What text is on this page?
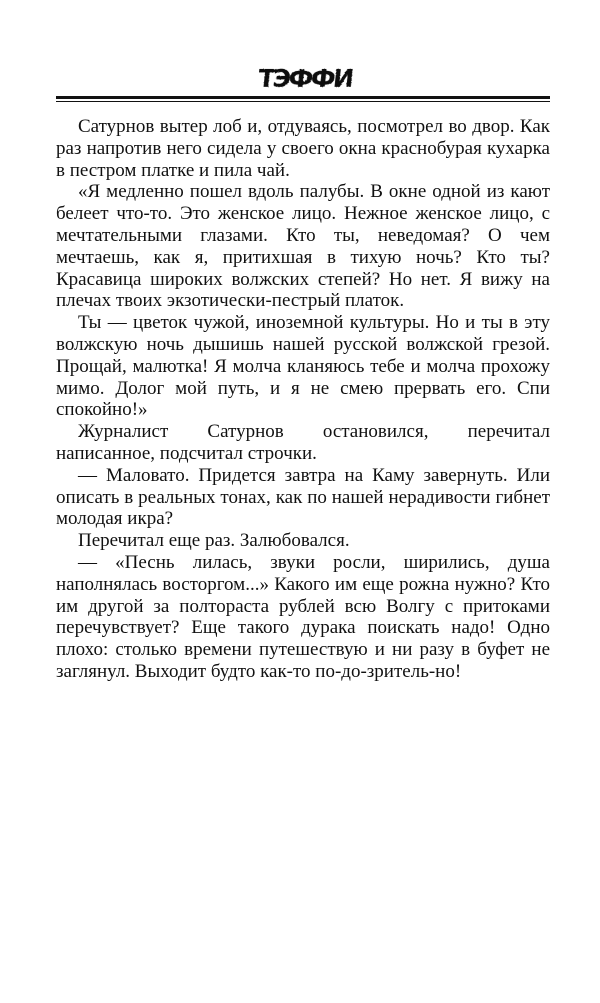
ТЭФФИ

Сатурнов вытер лоб и, отдуваясь, посмотрел во двор. Как раз напротив него сидела у своего окна краснобурая кухарка в пестром платке и пила чай.

«Я медленно пошел вдоль палубы. В окне одной из кают белеет что-то. Это женское лицо. Нежное женское лицо, с мечтательными глазами. Кто ты, неведомая? О чем мечтаешь, как я, притихшая в тихую ночь? Кто ты? Красавица широких волжских степей? Но нет. Я вижу на плечах твоих экзотически-пестрый платок.

Ты — цветок чужой, иноземной культуры. Но и ты в эту волжскую ночь дышишь нашей русской волжской грезой. Прощай, малютка! Я молча кланяюсь тебе и молча прохожу мимо. Долог мой путь, и я не смею прервать его. Спи спокойно!»

Журналист Сатурнов остановился, перечитал написанное, подсчитал строчки.

— Маловато. Придется завтра на Каму завернуть. Или описать в реальных тонах, как по нашей нерадивости гибнет молодая икра?

Перечитал еще раз. Залюбовался.

— «Песнь лилась, звуки росли, ширились, душа наполнялась восторгом...» Какого им еще рожна нужно? Кто им другой за полтораста рублей всю Волгу с притоками перечувствует? Еще такого дурака поискать надо! Одно плохо: столько времени путешествую и ни разу в буфет не заглянул. Выходит будто как-то по-до-зритель-но!
